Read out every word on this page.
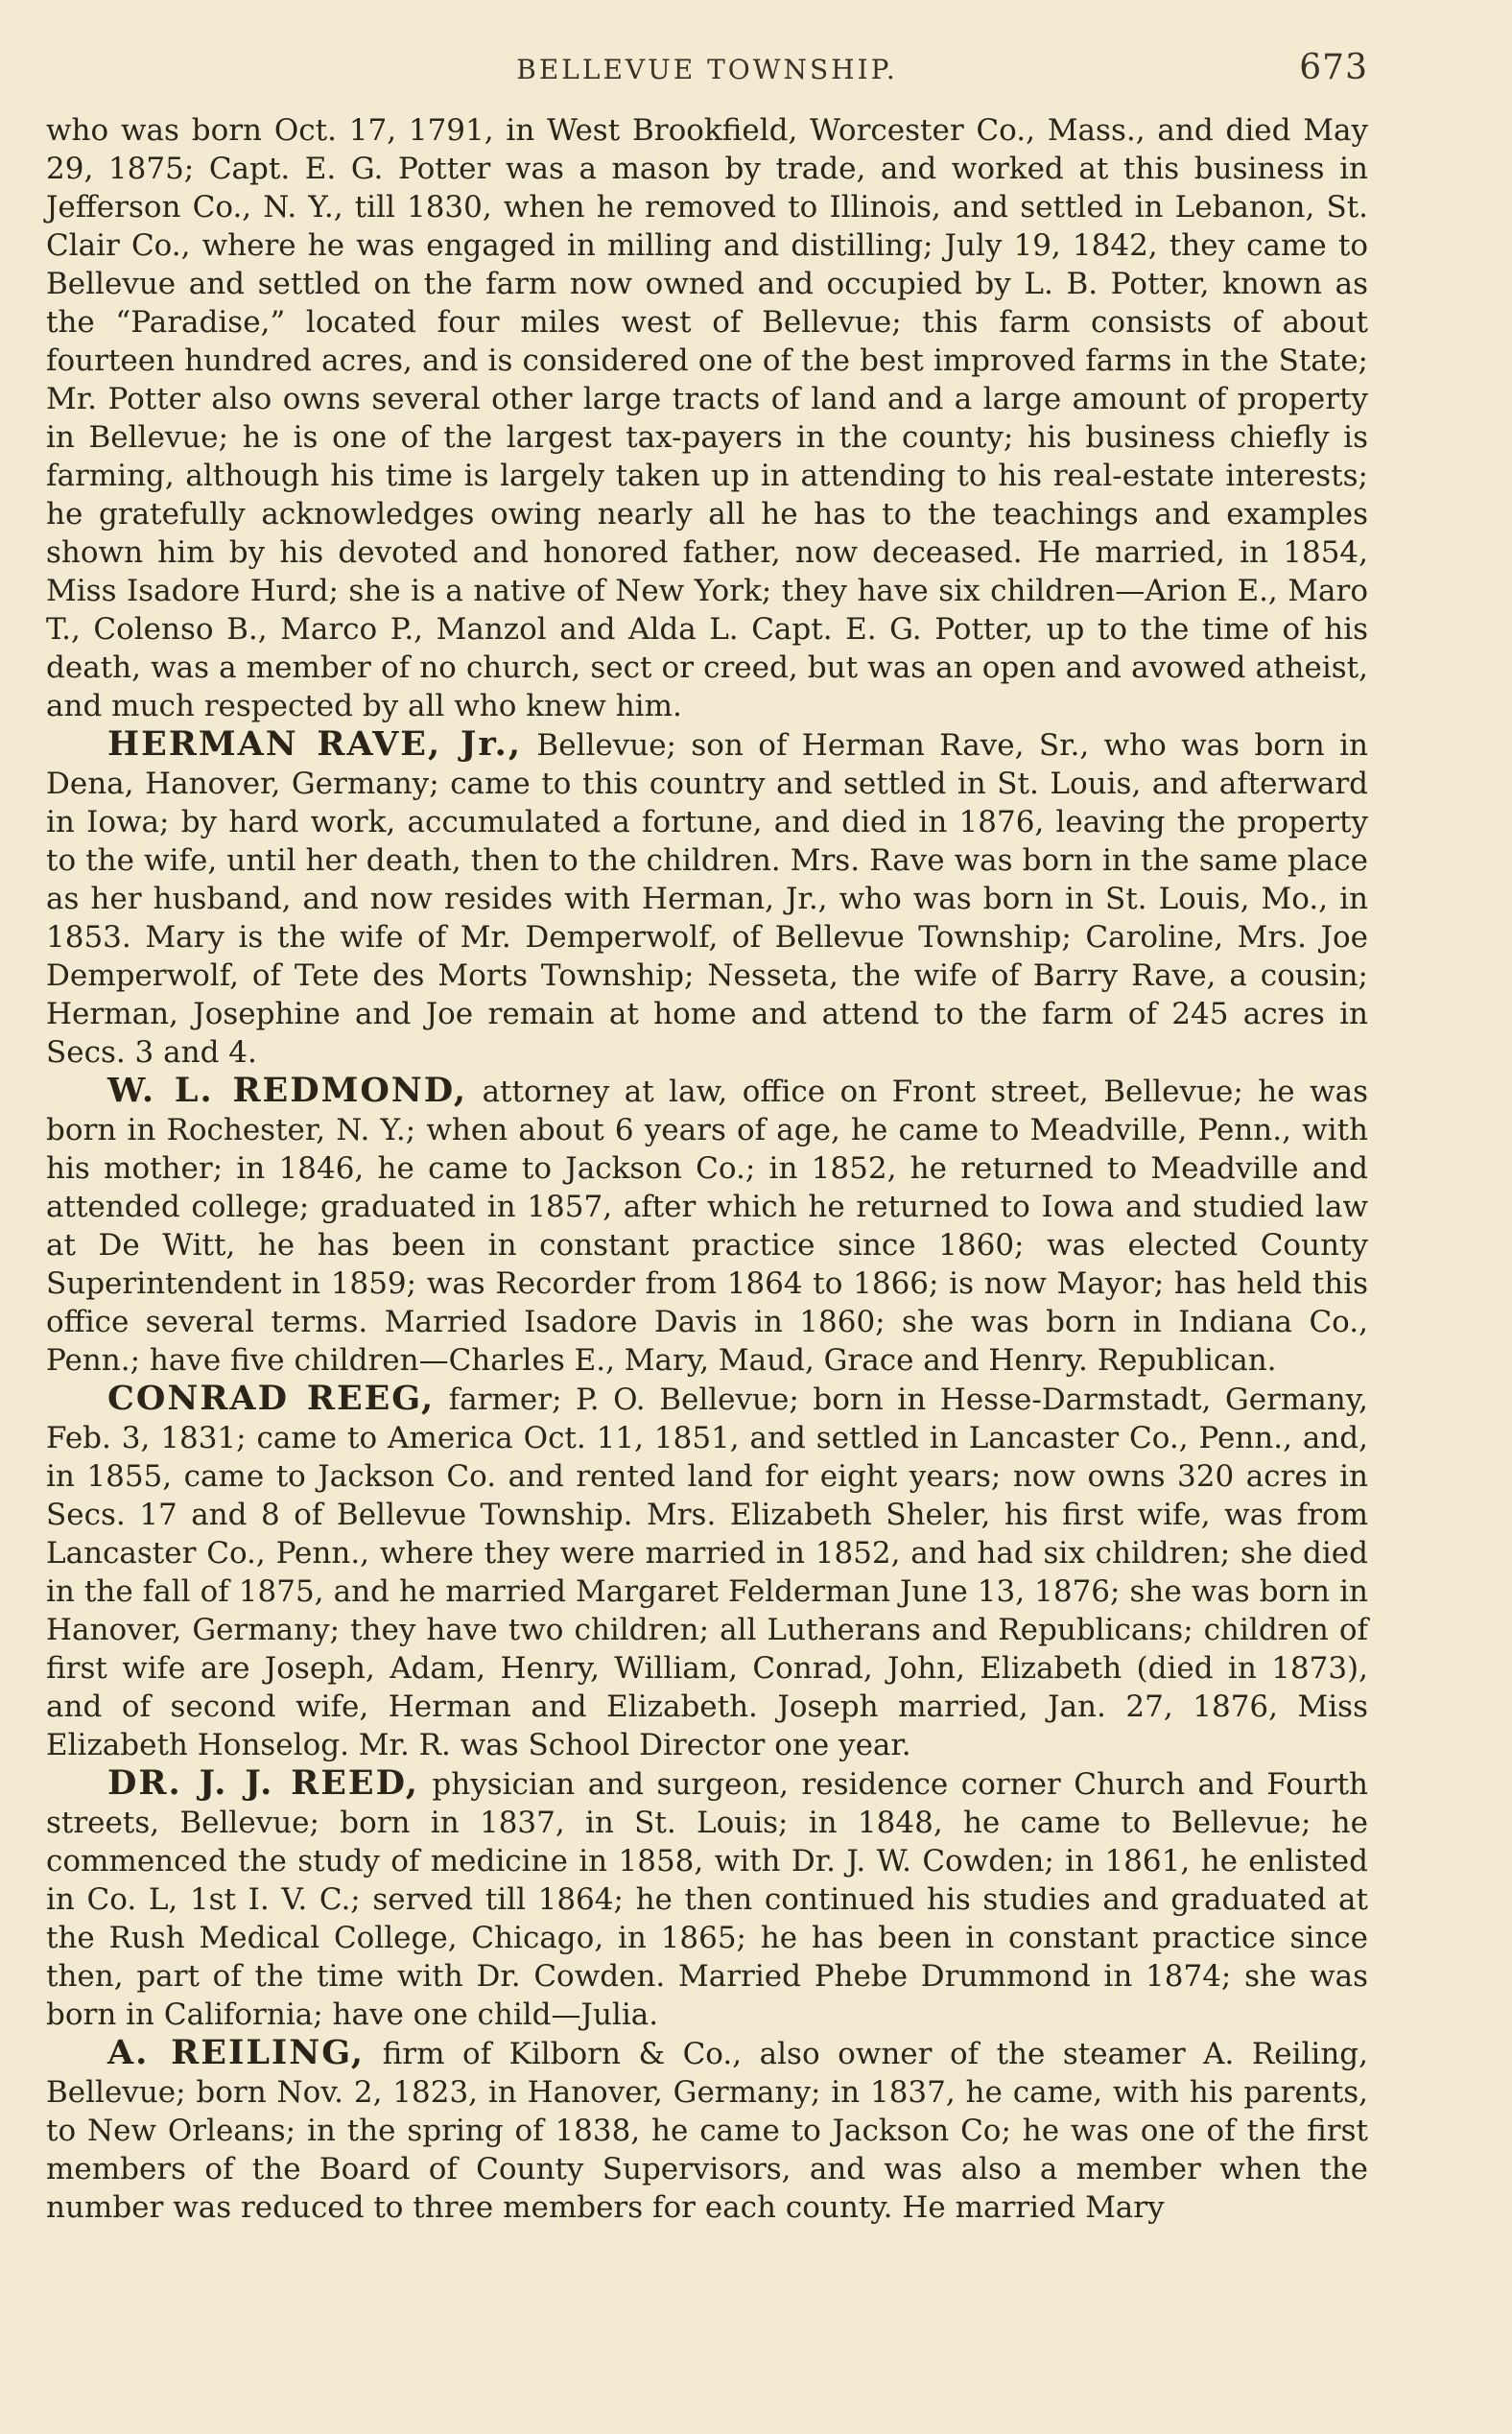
BELLEVUE TOWNSHIP.	673

who was born Oct. 17, 1791, in West Brookfield, Worcester Co., Mass., and died May 29, 1875; Capt. E. G. Potter was a mason by trade, and worked at this business in Jefferson Co., N. Y., till 1830, when he removed to Illinois, and settled in Lebanon, St. Clair Co., where he was engaged in milling and distilling; July 19, 1842, they came to Bellevue and settled on the farm now owned and occupied by L. B. Potter, known as the “Paradise,” located four miles west of Bellevue; this farm consists of about fourteen hundred acres, and is considered one of the best improved farms in the State; Mr. Potter also owns several other large tracts of land and a large amount of property in Bellevue; he is one of the largest tax-payers in the county; his business chiefly is farming, although his time is largely taken up in attending to his real-estate interests; he gratefully acknowledges owing nearly all he has to the teachings and examples shown him by his devoted and honored father, now deceased. He married, in 1854, Miss Isadore Hurd; she is a native of New York; they have six children—Arion E., Maro T., Colenso B., Marco P., Manzol and Alda L. Capt. E. G. Potter, up to the time of his death, was a member of no church, sect or creed, but was an open and avowed atheist, and much respected by all who knew him.

HERMAN RAVE, Jr., Bellevue; son of Herman Rave, Sr., who was born in Dena, Hanover, Germany; came to this country and settled in St. Louis, and afterward in Iowa; by hard work, accumulated a fortune, and died in 1876, leaving the property to the wife, until her death, then to the children. Mrs. Rave was born in the same place as her husband, and now resides with Herman, Jr., who was born in St. Louis, Mo., in 1853. Mary is the wife of Mr. Demperwolf, of Bellevue Township; Caroline, Mrs. Joe Demperwolf, of Tete des Morts Township; Nesseta, the wife of Barry Rave, a cousin; Herman, Josephine and Joe remain at home and attend to the farm of 245 acres in Secs. 3 and 4.

W. L. REDMOND, attorney at law, office on Front street, Bellevue; he was born in Rochester, N. Y.; when about 6 years of age, he came to Meadville, Penn., with his mother; in 1846, he came to Jackson Co.; in 1852, he returned to Meadville and attended college; graduated in 1857, after which he returned to Iowa and studied law at De Witt, he has been in constant practice since 1860; was elected County Superintendent in 1859; was Recorder from 1864 to 1866; is now Mayor; has held this office several terms. Married Isadore Davis in 1860; she was born in Indiana Co., Penn.; have five children—Charles E., Mary, Maud, Grace and Henry. Republican.

CONRAD REEG, farmer; P. O. Bellevue; born in Hesse-Darmstadt, Germany, Feb. 3, 1831; came to America Oct. 11, 1851, and settled in Lancaster Co., Penn., and, in 1855, came to Jackson Co. and rented land for eight years; now owns 320 acres in Secs. 17 and 8 of Bellevue Township. Mrs. Elizabeth Sheler, his first wife, was from Lancaster Co., Penn., where they were married in 1852, and had six children; she died in the fall of 1875, and he married Margaret Felderman June 13, 1876; she was born in Hanover, Germany; they have two children; all Lutherans and Republicans; children of first wife are Joseph, Adam, Henry, William, Conrad, John, Elizabeth (died in 1873), and of second wife, Herman and Elizabeth. Joseph married, Jan. 27, 1876, Miss Elizabeth Honselog. Mr. R. was School Director one year.

DR. J. J. REED, physician and surgeon, residence corner Church and Fourth streets, Bellevue; born in 1837, in St. Louis; in 1848, he came to Bellevue; he commenced the study of medicine in 1858, with Dr. J. W. Cowden; in 1861, he enlisted in Co. L, 1st I. V. C.; served till 1864; he then continued his studies and graduated at the Rush Medical College, Chicago, in 1865; he has been in constant practice since then, part of the time with Dr. Cowden. Married Phebe Drummond in 1874; she was born in California; have one child—Julia.

A. REILING, firm of Kilborn & Co., also owner of the steamer A. Reiling, Bellevue; born Nov. 2, 1823, in Hanover, Germany; in 1837, he came, with his parents, to New Orleans; in the spring of 1838, he came to Jackson Co; he was one of the first members of the Board of County Supervisors, and was also a member when the number was reduced to three members for each county. He married Mary
